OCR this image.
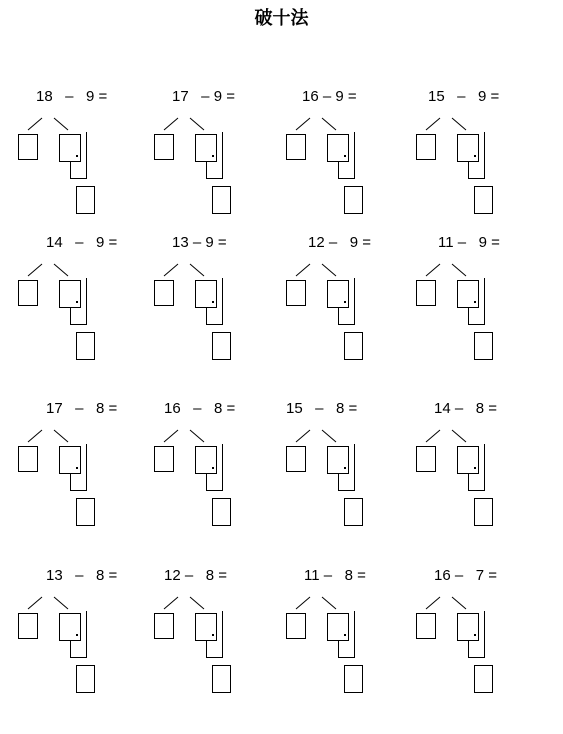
破十法
18   –   9 =	17   – 9 =	16 – 9 =	15   –   9 =
14   –   9 =	13 – 9 =	12 –   9 =	11 –   9 =
17   –   8 =	16   –   8 =	15   –   8 =	14 –   8 =
13   –   8 =	12 –   8 =	11 –   8 =	16 –   7 =
